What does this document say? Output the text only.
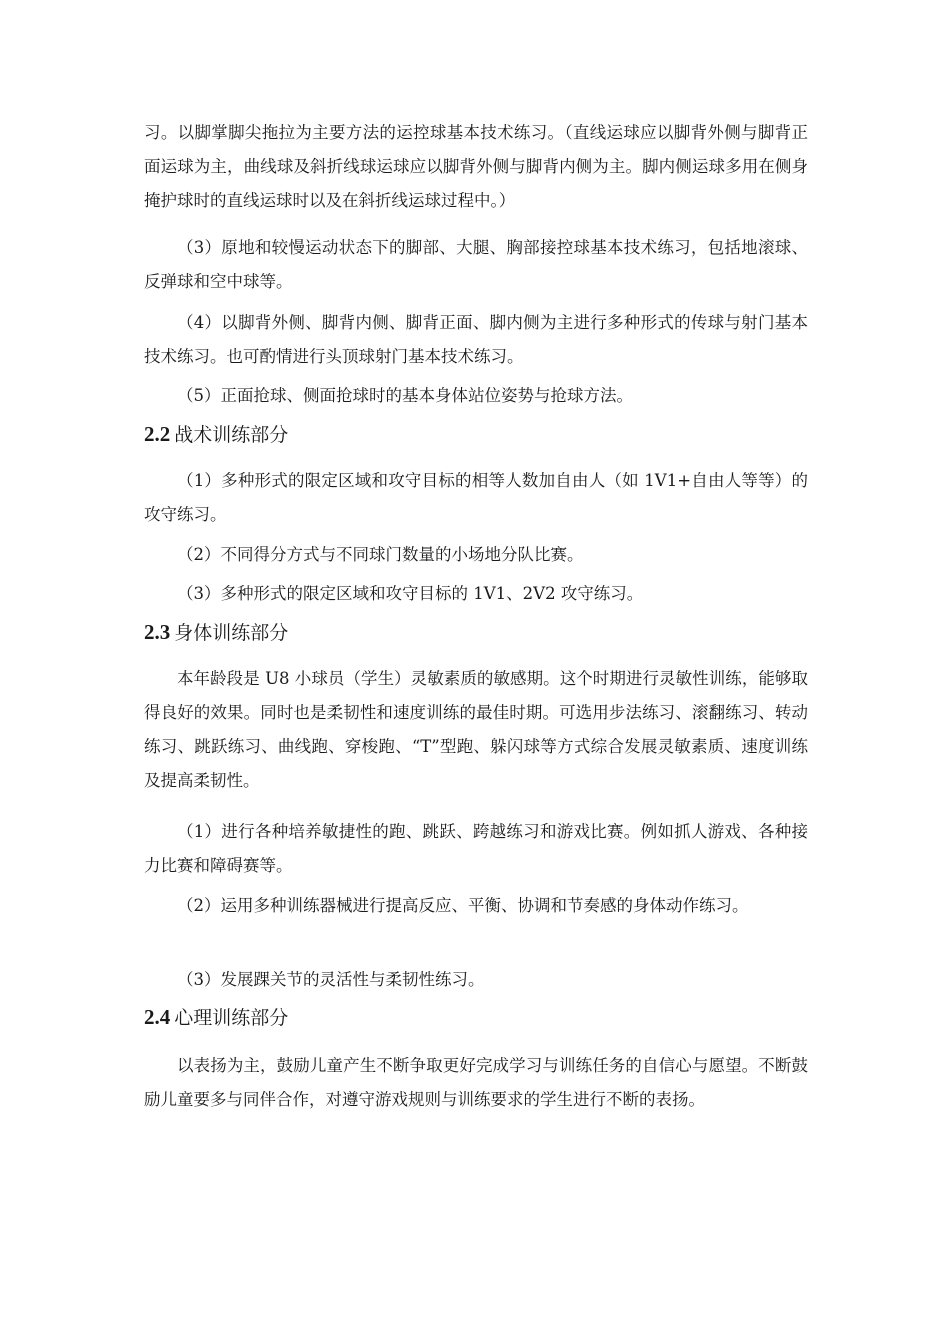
习。以脚掌脚尖拖拉为主要方法的运控球基本技术练习。（直线运球应以脚背外侧与脚背正面运球为主，曲线球及斜折线球运球应以脚背外侧与脚背内侧为主。脚内侧运球多用在侧身掩护球时的直线运球时以及在斜折线运球过程中。）

（3）原地和较慢运动状态下的脚部、大腿、胸部接控球基本技术练习，包括地滚球、反弹球和空中球等。

（4）以脚背外侧、脚背内侧、脚背正面、脚内侧为主进行多种形式的传球与射门基本技术练习。也可酌情进行头顶球射门基本技术练习。

（5）正面抢球、侧面抢球时的基本身体站位姿势与抢球方法。

2.2 战术训练部分

（1）多种形式的限定区域和攻守目标的相等人数加自由人（如 1V1+自由人等等）的攻守练习。

（2）不同得分方式与不同球门数量的小场地分队比赛。

（3）多种形式的限定区域和攻守目标的 1V1、2V2 攻守练习。

2.3 身体训练部分

本年龄段是 U8 小球员（学生）灵敏素质的敏感期。这个时期进行灵敏性训练，能够取得良好的效果。同时也是柔韧性和速度训练的最佳时期。可选用步法练习、滚翻练习、转动练习、跳跃练习、曲线跑、穿梭跑、“T”型跑、躲闪球等方式综合发展灵敏素质、速度训练及提高柔韧性。

（1）进行各种培养敏捷性的跑、跳跃、跨越练习和游戏比赛。例如抓人游戏、各种接力比赛和障碍赛等。

（2）运用多种训练器械进行提高反应、平衡、协调和节奏感的身体动作练习。

（3）发展踝关节的灵活性与柔韧性练习。

2.4 心理训练部分

以表扬为主，鼓励儿童产生不断争取更好完成学习与训练任务的自信心与愿望。不断鼓励儿童要多与同伴合作，对遵守游戏规则与训练要求的学生进行不断的表扬。
